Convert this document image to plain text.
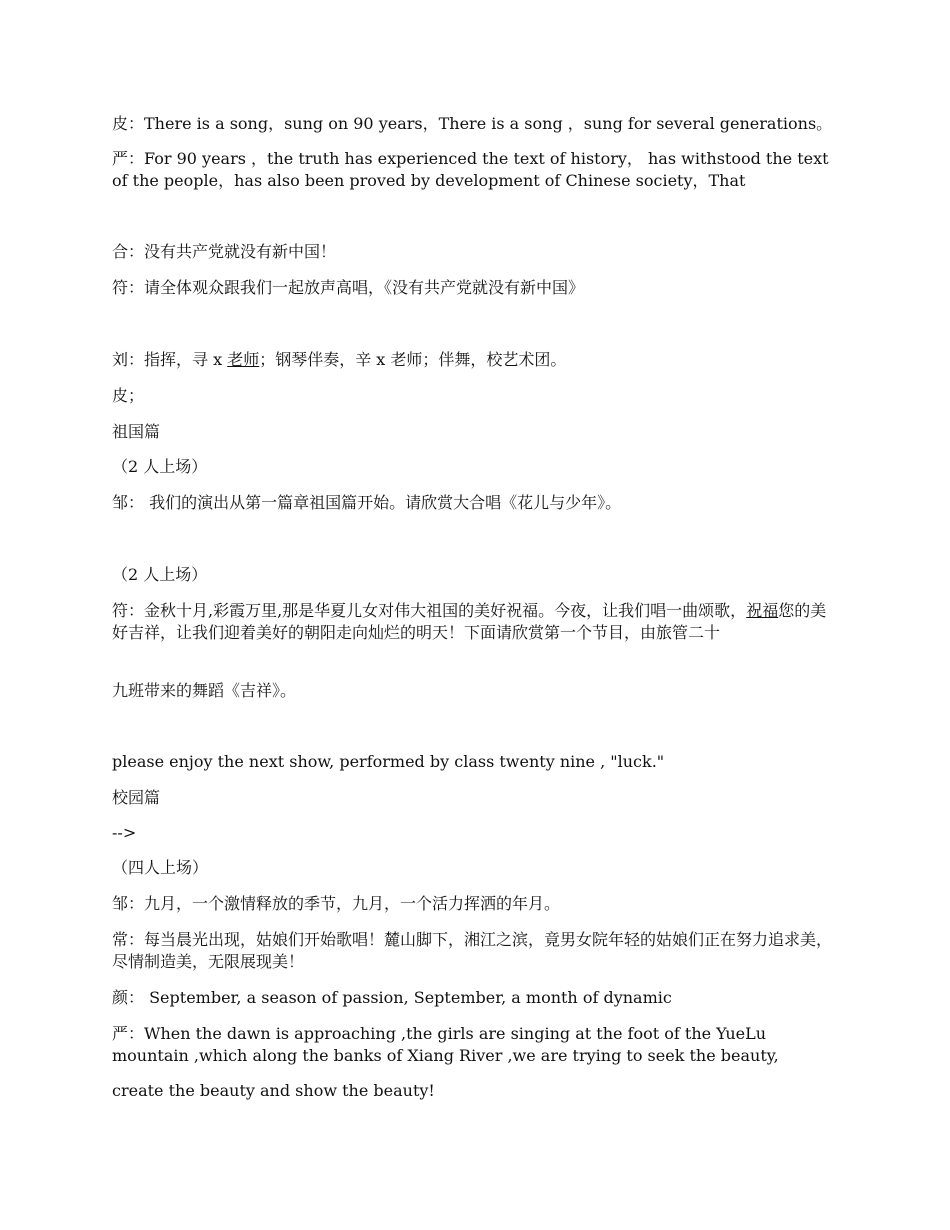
皮：There is a song，sung on 90 years，There is a song ，sung for several generations。

严：For 90 years ，the truth has experienced the text of history， has withstood the text of the people，has also been proved by development of Chinese society，That

合：没有共产党就没有新中国！

符：请全体观众跟我们一起放声高唱，《没有共产党就没有新中国》

刘：指挥，寻 x 老师；钢琴伴奏，辛 x 老师；伴舞，校艺术团。

皮；

祖国篇

（2 人上场）

邹： 我们的演出从第一篇章祖国篇开始。请欣赏大合唱《花儿与少年》。

（2 人上场）

符：金秋十月,彩霞万里,那是华夏儿女对伟大祖国的美好祝福。今夜，让我们唱一曲颂歌，祝福您的美好吉祥，让我们迎着美好的朝阳走向灿烂的明天！下面请欣赏第一个节目，由旅管二十

九班带来的舞蹈《吉祥》。

please enjoy the next show, performed by class twenty nine , "luck."

校园篇

-->

（四人上场）

邹：九月，一个激情释放的季节，九月，一个活力挥洒的年月。

常：每当晨光出现，姑娘们开始歌唱！麓山脚下，湘江之滨，竟男女院年轻的姑娘们正在努力追求美，尽情制造美，无限展现美！

颜： September, a season of passion, September, a month of dynamic

严：When the dawn is approaching ,the girls are singing at the foot of the YueLu mountain ,which along the banks of Xiang River ,we are trying to seek the beauty,

create the beauty and show the beauty!
